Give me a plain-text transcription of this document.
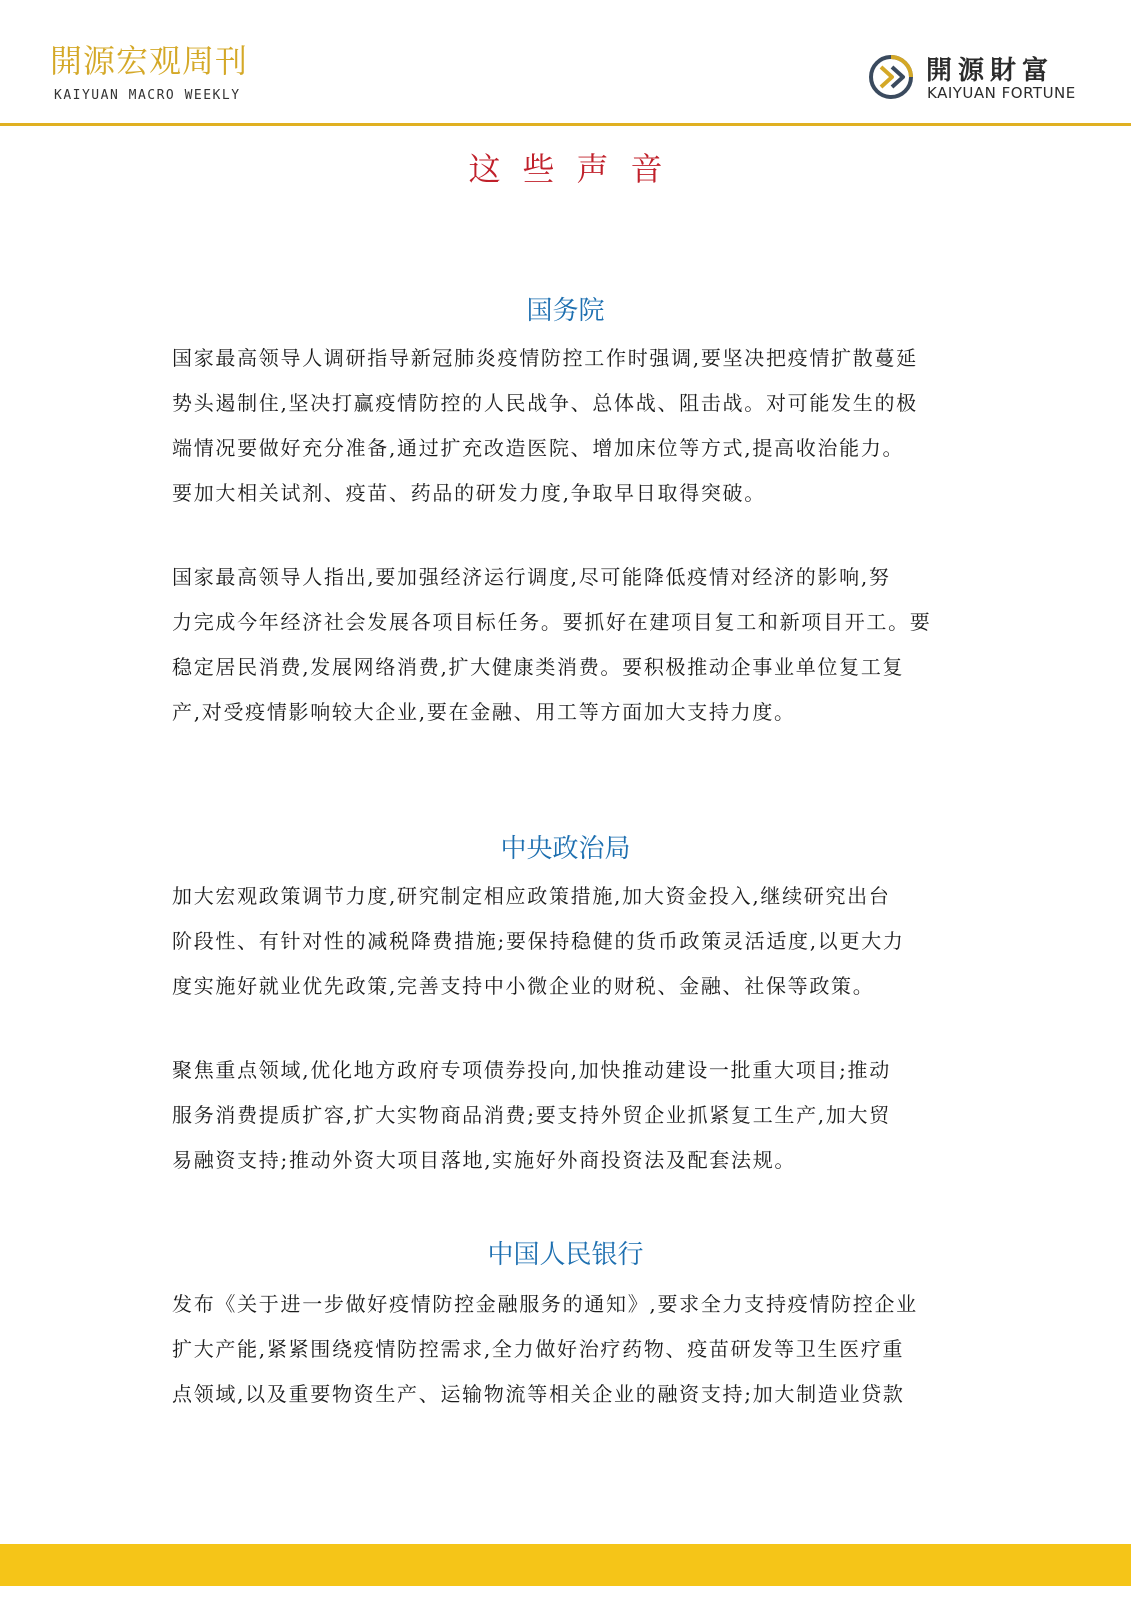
開源宏观周刊
KAIYUAN MACRO WEEKLY
開源財富
KAIYUAN FORTUNE
这些声音
国务院
国家最高领导人调研指导新冠肺炎疫情防控工作时强调,要坚决把疫情扩散蔓延
势头遏制住,坚决打赢疫情防控的人民战争、总体战、阻击战。对可能发生的极
端情况要做好充分准备,通过扩充改造医院、增加床位等方式,提高收治能力。
要加大相关试剂、疫苗、药品的研发力度,争取早日取得突破。
国家最高领导人指出,要加强经济运行调度,尽可能降低疫情对经济的影响,努
力完成今年经济社会发展各项目标任务。要抓好在建项目复工和新项目开工。要
稳定居民消费,发展网络消费,扩大健康类消费。要积极推动企事业单位复工复
产,对受疫情影响较大企业,要在金融、用工等方面加大支持力度。
中央政治局
加大宏观政策调节力度,研究制定相应政策措施,加大资金投入,继续研究出台
阶段性、有针对性的减税降费措施;要保持稳健的货币政策灵活适度,以更大力
度实施好就业优先政策,完善支持中小微企业的财税、金融、社保等政策。
聚焦重点领域,优化地方政府专项债券投向,加快推动建设一批重大项目;推动
服务消费提质扩容,扩大实物商品消费;要支持外贸企业抓紧复工生产,加大贸
易融资支持;推动外资大项目落地,实施好外商投资法及配套法规。
中国人民银行
发布《关于进一步做好疫情防控金融服务的通知》,要求全力支持疫情防控企业
扩大产能,紧紧围绕疫情防控需求,全力做好治疗药物、疫苗研发等卫生医疗重
点领域,以及重要物资生产、运输物流等相关企业的融资支持;加大制造业贷款
